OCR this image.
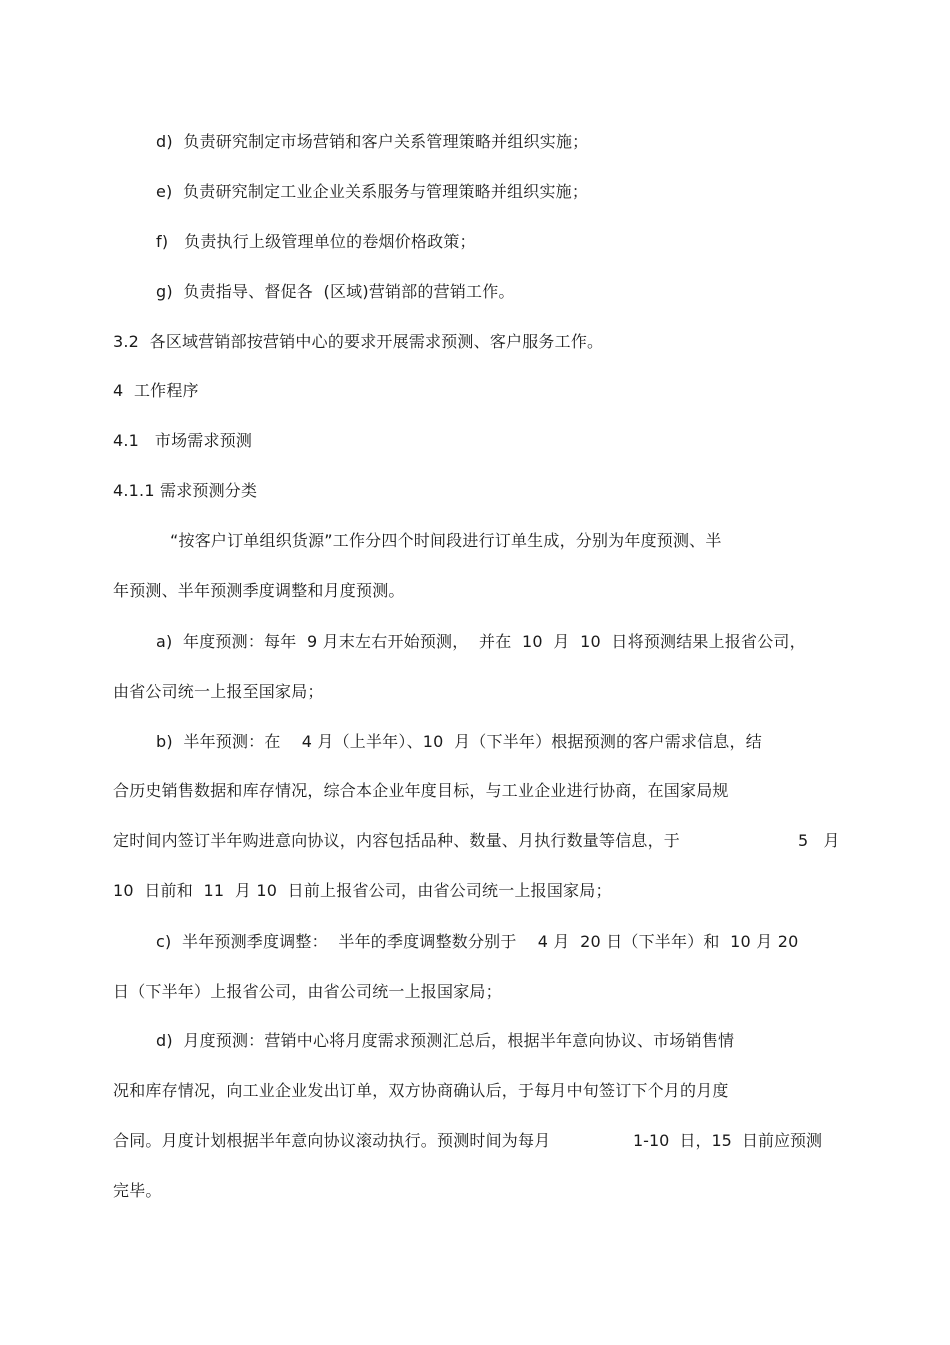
d)  负责研究制定市场营销和客户关系管理策略并组织实施；
e)  负责研究制定工业企业关系服务与管理策略并组织实施；
f)   负责执行上级管理单位的卷烟价格政策；
g)  负责指导、督促各  (区域)营销部的营销工作。
3.2  各区域营销部按营销中心的要求开展需求预测、客户服务工作。
4  工作程序
4.1   市场需求预测
4.1.1 需求预测分类
“按客户订单组织货源”工作分四个时间段进行订单生成，分别为年度预测、半
年预测、半年预测季度调整和月度预测。
a)  年度预测：每年  9 月末左右开始预测，  并在  10  月  10  日将预测结果上报省公司，
由省公司统一上报至国家局；
b)  半年预测：在    4 月（上半年）、10  月（下半年）根据预测的客户需求信息，结
合历史销售数据和库存情况，综合本企业年度目标，与工业企业进行协商，在国家局规
定时间内签订半年购进意向协议，内容包括品种、数量、月执行数量等信息，于	5   月
10  日前和  11  月 10  日前上报省公司，由省公司统一上报国家局；
c)  半年预测季度调整：  半年的季度调整数分别于    4 月  20 日（下半年）和  10 月 20
日（下半年）上报省公司，由省公司统一上报国家局；
d)  月度预测：营销中心将月度需求预测汇总后，根据半年意向协议、市场销售情
况和库存情况，向工业企业发出订单，双方协商确认后，于每月中旬签订下个月的月度
合同。月度计划根据半年意向协议滚动执行。预测时间为每月	1-10  日，15  日前应预测
完毕。
